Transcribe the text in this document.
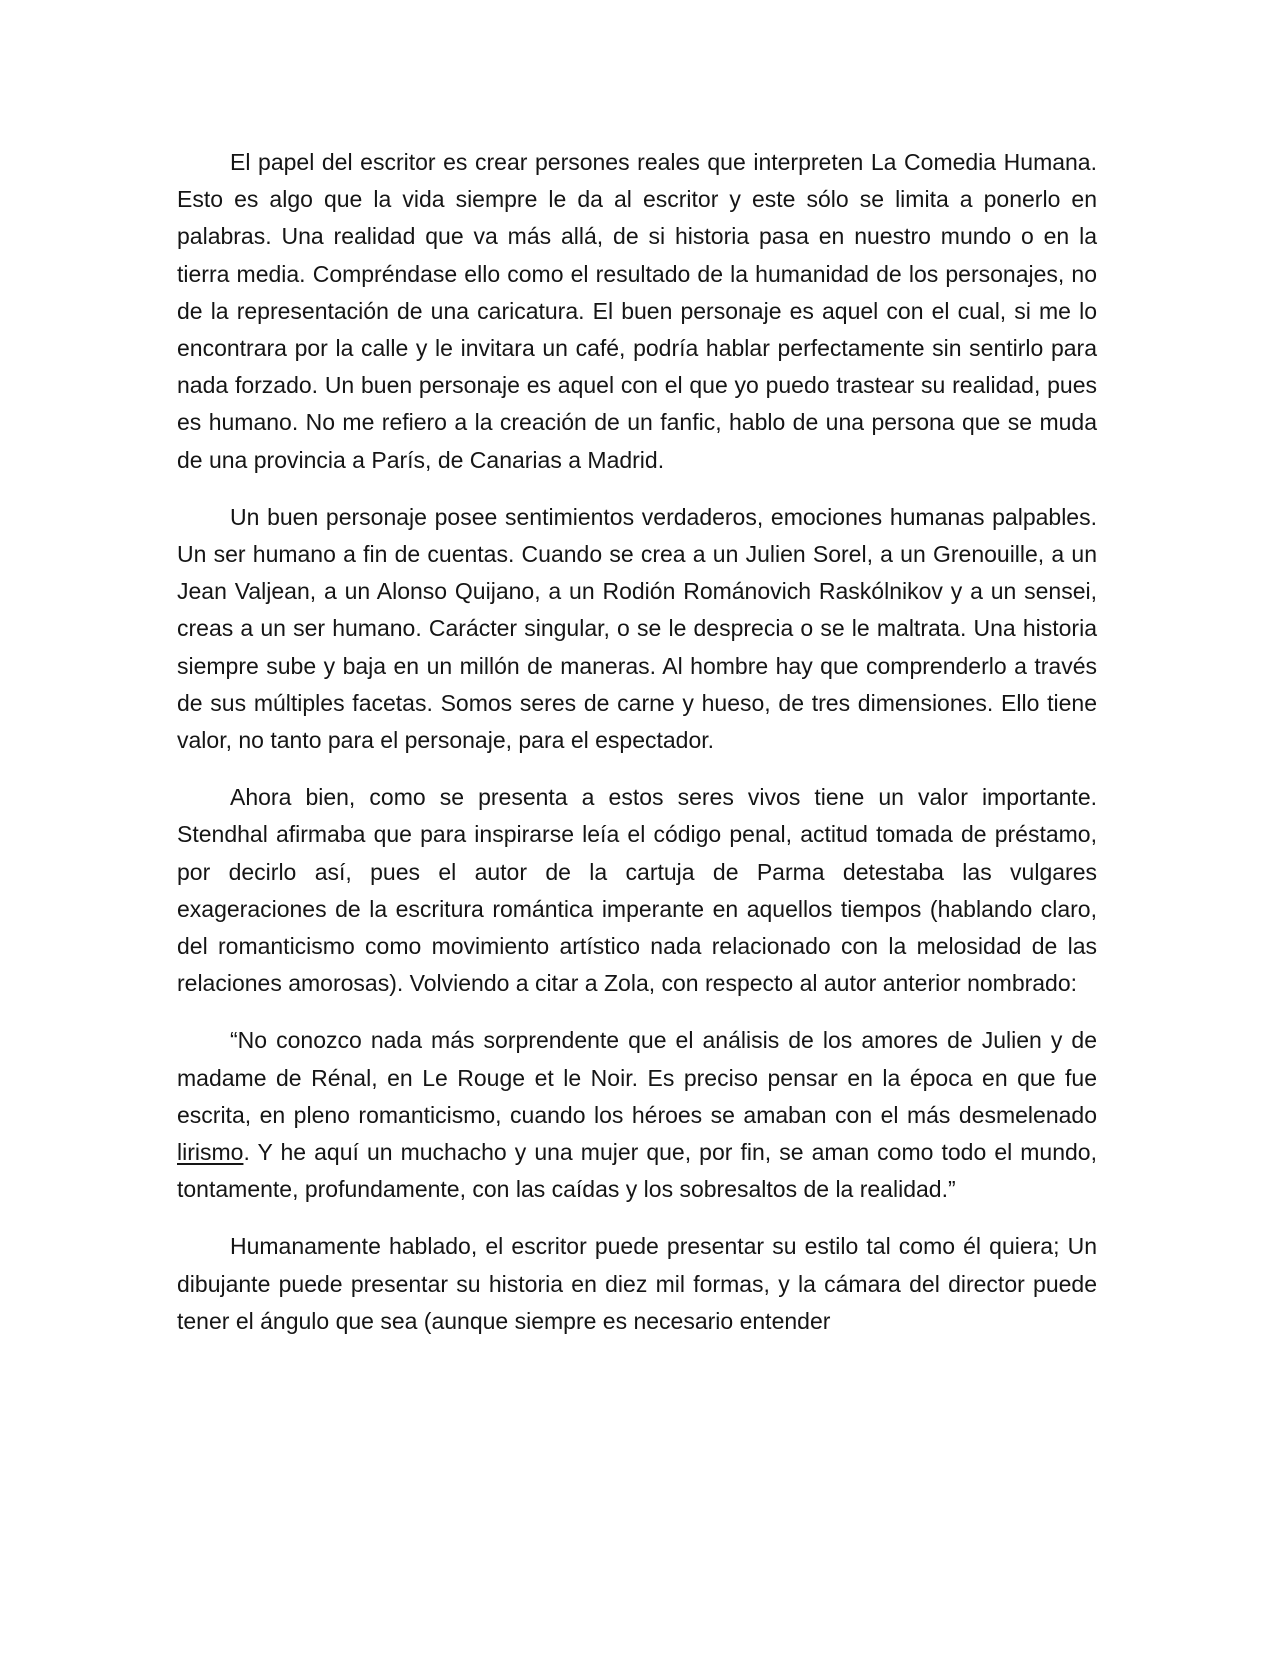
El papel del escritor es crear persones reales que interpreten La Comedia Humana. Esto es algo que la vida siempre le da al escritor y este sólo se limita a ponerlo en palabras. Una realidad que va más allá, de si historia pasa en nuestro mundo o en la tierra media. Compréndase ello como el resultado de la humanidad de los personajes, no de la representación de una caricatura. El buen personaje es aquel con el cual, si me lo encontrara por la calle y le invitara un café, podría hablar perfectamente sin sentirlo para nada forzado. Un buen personaje es aquel con el que yo puedo trastear su realidad, pues es humano. No me refiero a la creación de un fanfic, hablo de una persona que se muda de una provincia a París, de Canarias a Madrid.

Un buen personaje posee sentimientos verdaderos, emociones humanas palpables. Un ser humano a fin de cuentas. Cuando se crea a un Julien Sorel, a un Grenouille, a un Jean Valjean, a un Alonso Quijano, a un Rodión Románovich Raskólnikov y a un sensei, creas a un ser humano. Carácter singular, o se le desprecia o se le maltrata. Una historia siempre sube y baja en un millón de maneras. Al hombre hay que comprenderlo a través de sus múltiples facetas. Somos seres de carne y hueso, de tres dimensiones. Ello tiene valor, no tanto para el personaje, para el espectador.

Ahora bien, como se presenta a estos seres vivos tiene un valor importante. Stendhal afirmaba que para inspirarse leía el código penal, actitud tomada de préstamo, por decirlo así, pues el autor de la cartuja de Parma detestaba las vulgares exageraciones de la escritura romántica imperante en aquellos tiempos (hablando claro, del romanticismo como movimiento artístico nada relacionado con la melosidad de las relaciones amorosas). Volviendo a citar a Zola, con respecto al autor anterior nombrado:

“No conozco nada más sorprendente que el análisis de los amores de Julien y de madame de Rénal, en Le Rouge et le Noir. Es preciso pensar en la época en que fue escrita, en pleno romanticismo, cuando los héroes se amaban con el más desmelenado lirismo. Y he aquí un muchacho y una mujer que, por fin, se aman como todo el mundo, tontamente, profundamente, con las caídas y los sobresaltos de la realidad.”

Humanamente hablado, el escritor puede presentar su estilo tal como él quiera; Un dibujante puede presentar su historia en diez mil formas, y la cámara del director puede tener el ángulo que sea (aunque siempre es necesario entender
